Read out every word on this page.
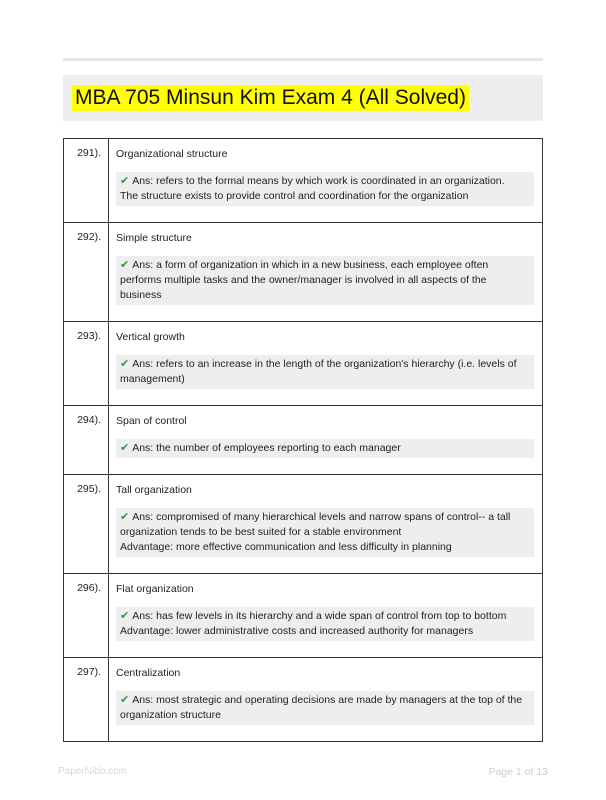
MBA 705 Minsun Kim Exam 4 (All Solved)
291).	Organizational structure
✔ Ans: refers to the formal means by which work is coordinated in an organization.
The structure exists to provide control and coordination for the organization

292).	Simple structure
✔ Ans: a form of organization in which in a new business, each employee often performs multiple tasks and the owner/manager is involved in all aspects of the business

293).	Vertical growth
✔ Ans: refers to an increase in the length of the organization's hierarchy (i.e. levels of management)

294).	Span of control
✔ Ans: the number of employees reporting to each manager

295).	Tall organization
✔ Ans: compromised of many hierarchical levels and narrow spans of control-- a tall organization tends to be best suited for a stable environment
Advantage: more effective communication and less difficulty in planning

296).	Flat organization
✔ Ans: has few levels in its hierarchy and a wide span of control from top to bottom
Advantage: lower administrative costs and increased authority for managers

297).	Centralization
✔ Ans: most strategic and operating decisions are made by managers at the top of the organization structure
PaperNibb.com	Page 1 of 13
